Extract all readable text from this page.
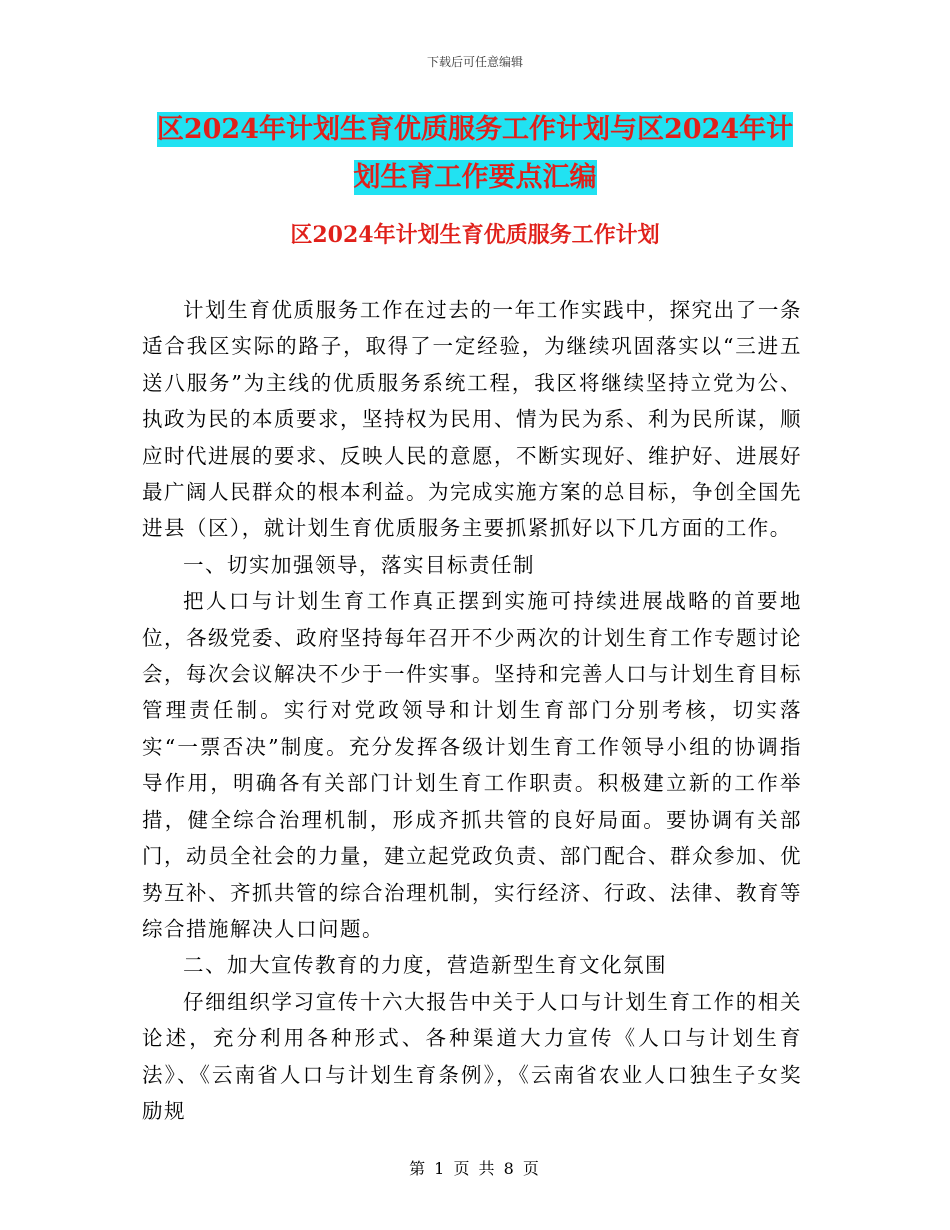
下载后可任意编辑
区2024年计划生育优质服务工作计划与区2024年计
划生育工作要点汇编
区2024年计划生育优质服务工作计划

计划生育优质服务工作在过去的一年工作实践中，探究出了一条适合我区实际的路子，取得了一定经验，为继续巩固落实以“三进五送八服务”为主线的优质服务系统工程，我区将继续坚持立党为公、执政为民的本质要求，坚持权为民用、情为民为系、利为民所谋，顺应时代进展的要求、反映人民的意愿，不断实现好、维护好、进展好最广阔人民群众的根本利益。为完成实施方案的总目标，争创全国先进县（区），就计划生育优质服务主要抓紧抓好以下几方面的工作。

一、切实加强领导，落实目标责任制

把人口与计划生育工作真正摆到实施可持续进展战略的首要地位，各级党委、政府坚持每年召开不少两次的计划生育工作专题讨论会，每次会议解决不少于一件实事。坚持和完善人口与计划生育目标管理责任制。实行对党政领导和计划生育部门分别考核，切实落实“一票否决”制度。充分发挥各级计划生育工作领导小组的协调指导作用，明确各有关部门计划生育工作职责。积极建立新的工作举措，健全综合治理机制，形成齐抓共管的良好局面。要协调有关部门，动员全社会的力量，建立起党政负责、部门配合、群众参加、优势互补、齐抓共管的综合治理机制，实行经济、行政、法律、教育等综合措施解决人口问题。

二、加大宣传教育的力度，营造新型生育文化氛围

仔细组织学习宣传十六大报告中关于人口与计划生育工作的相关论述，充分利用各种形式、各种渠道大力宣传《人口与计划生育法》、《云南省人口与计划生育条例》，《云南省农业人口独生子女奖励规

第 1 页 共 8 页
